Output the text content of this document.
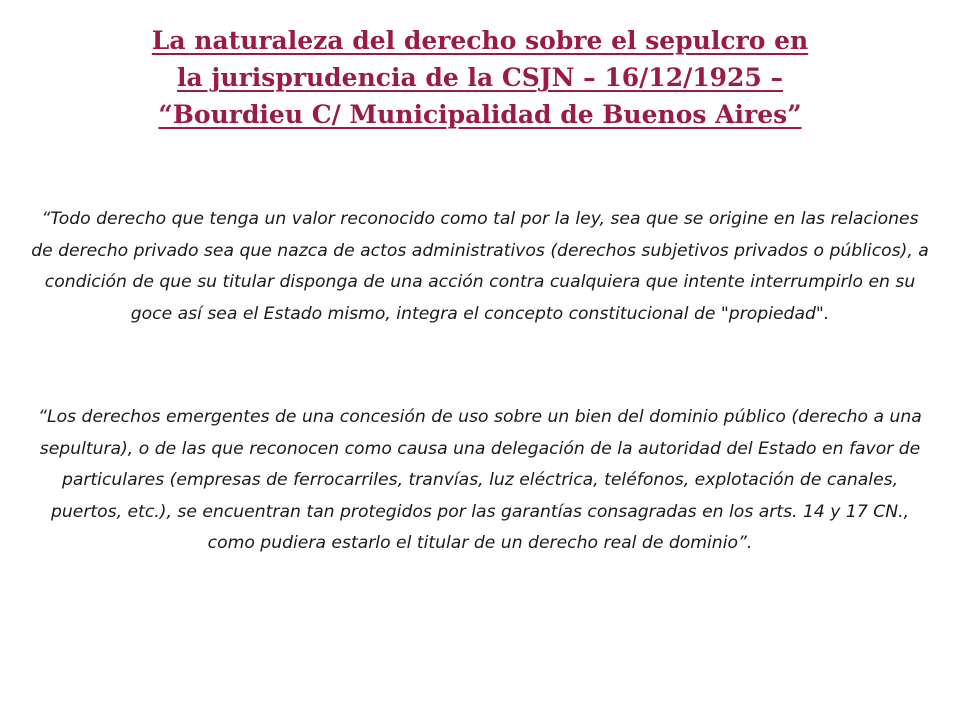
La naturaleza del derecho sobre el sepulcro en
la jurisprudencia de la CSJN – 16/12/1925 –
“Bourdieu C/ Municipalidad de Buenos Aires”

“Todo derecho que tenga un valor reconocido como tal por la ley, sea que se origine en las relaciones de derecho privado sea que nazca de actos administrativos (derechos subjetivos privados o públicos), a condición de que su titular disponga de una acción contra cualquiera que intente interrumpirlo en su goce así sea el Estado mismo, integra el concepto constitucional de "propiedad".

“Los derechos emergentes de una concesión de uso sobre un bien del dominio público (derecho a una sepultura), o de las que reconocen como causa una delegación de la autoridad del Estado en favor de particulares (empresas de ferrocarriles, tranvías, luz eléctrica, teléfonos, explotación de canales, puertos, etc.), se encuentran tan protegidos por las garantías consagradas en los arts. 14 y 17 CN., como pudiera estarlo el titular de un derecho real de dominio”.
